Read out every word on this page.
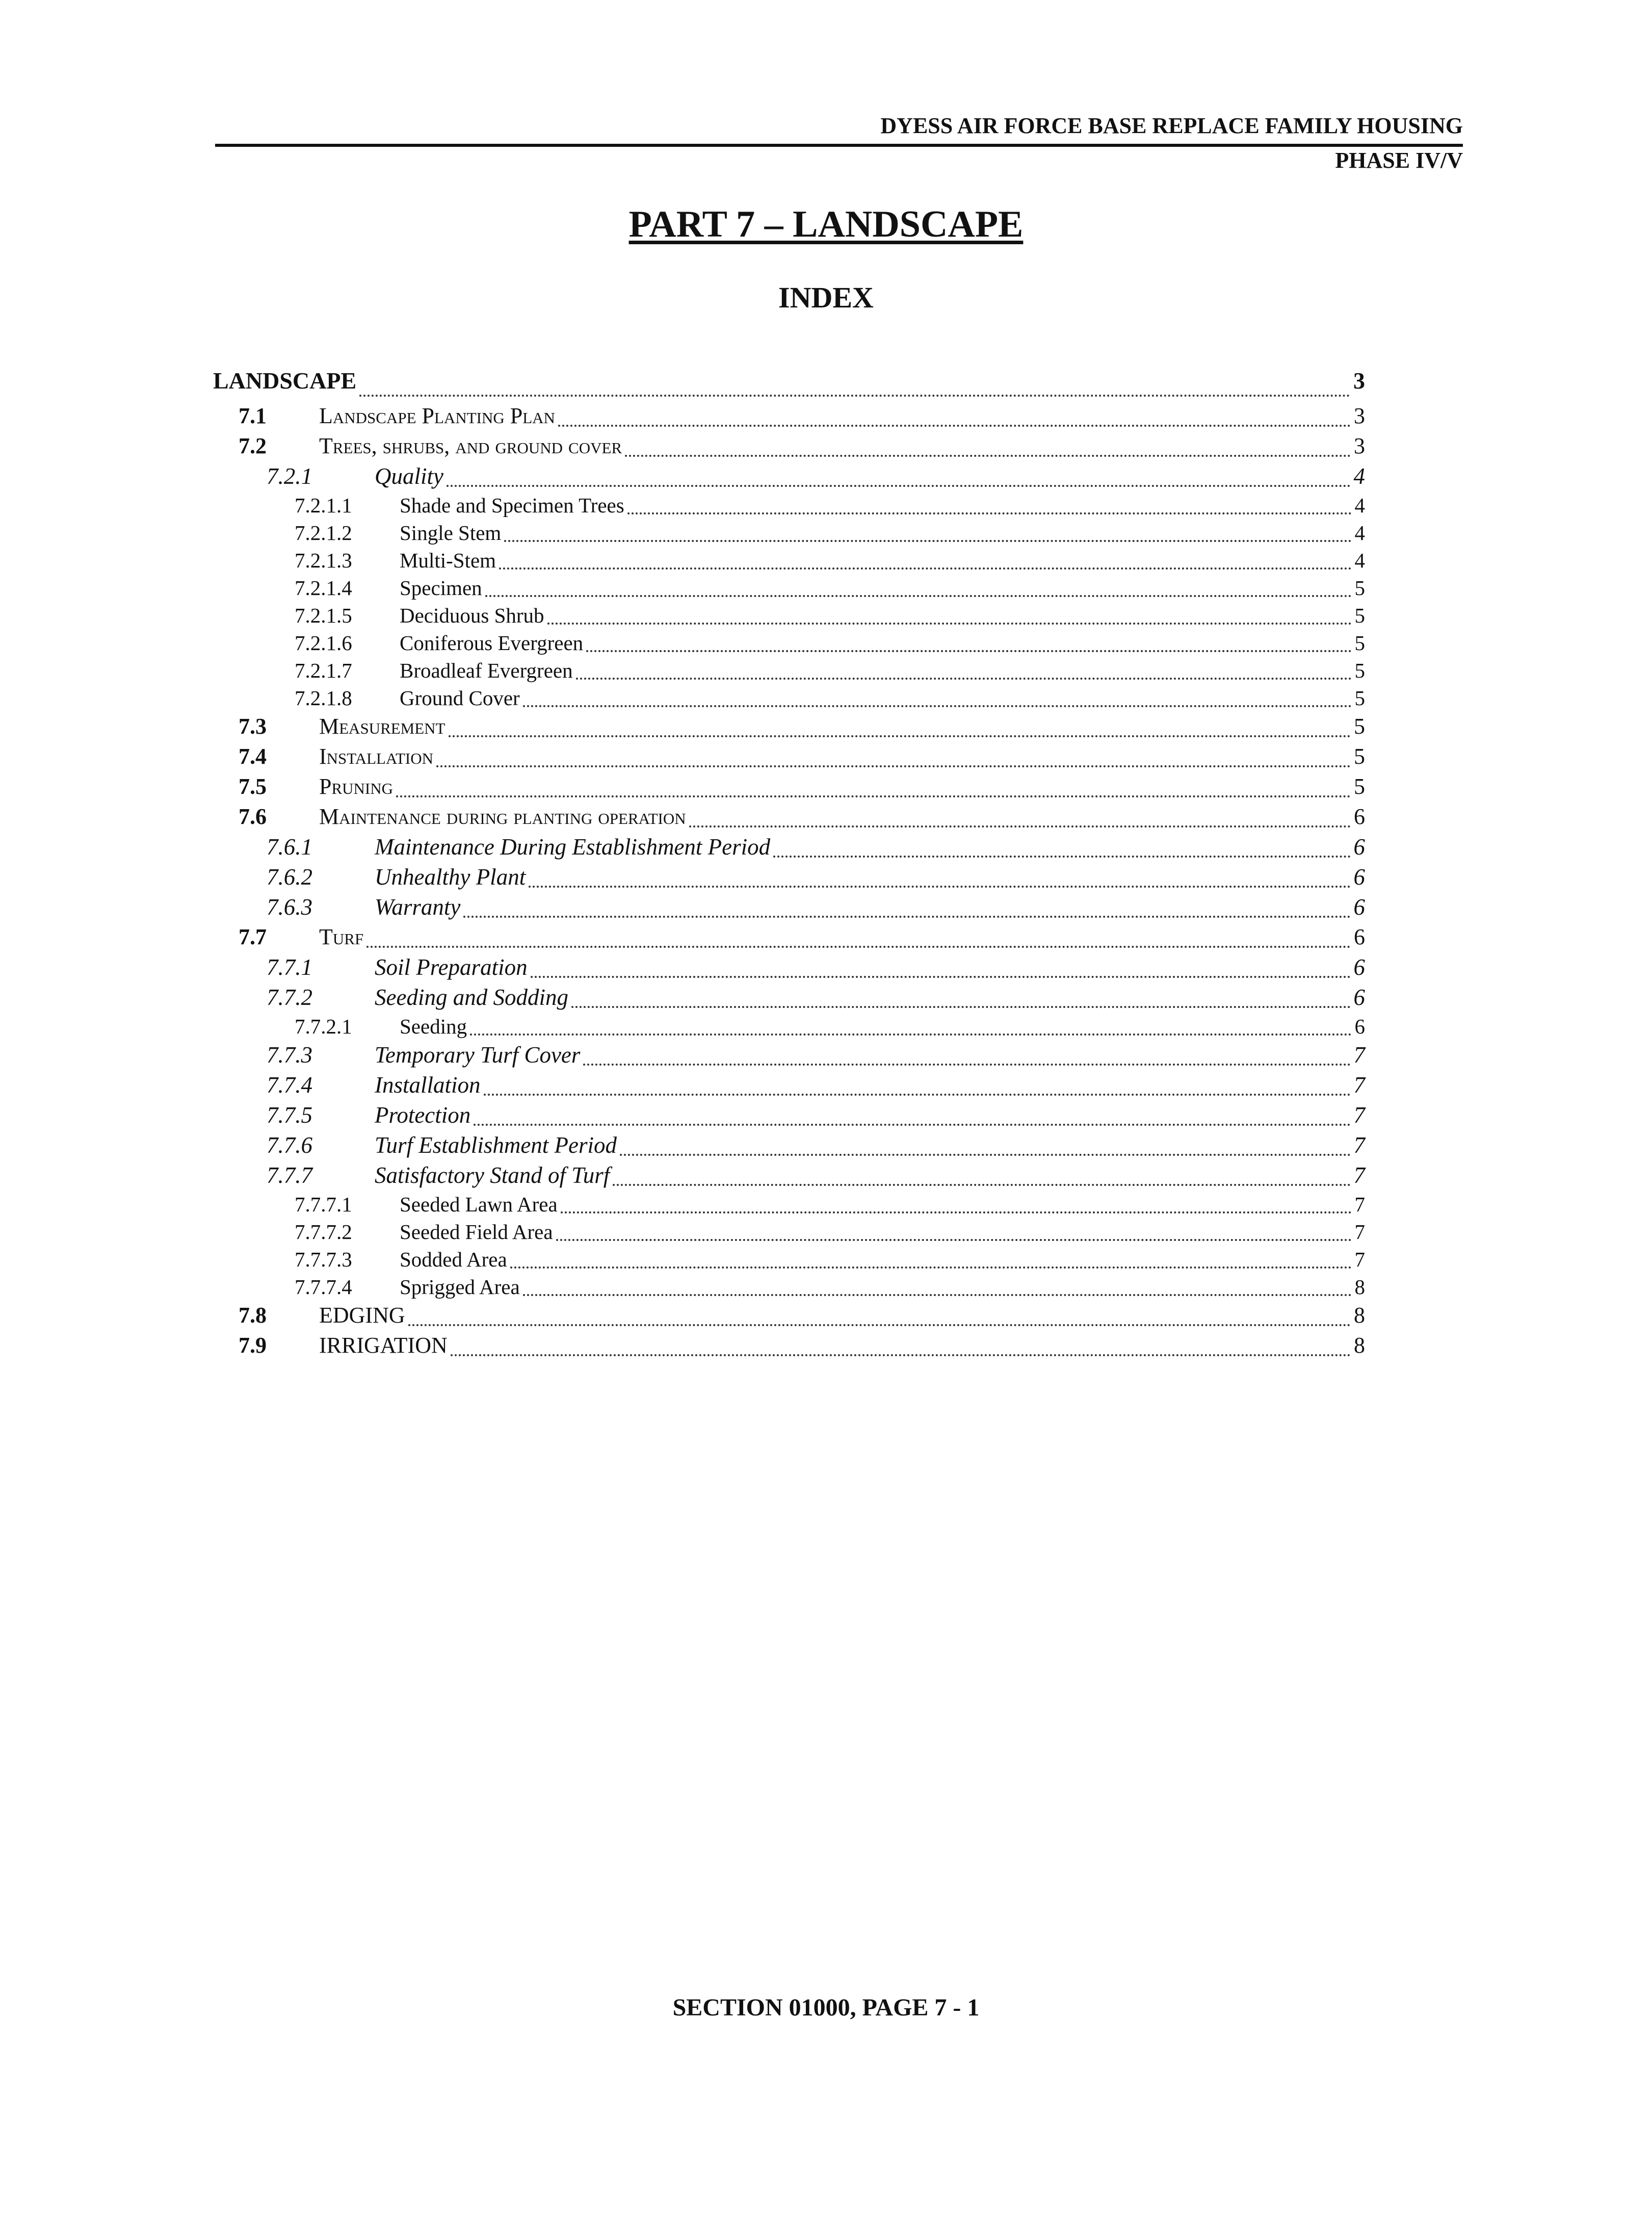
DYESS AIR FORCE BASE REPLACE FAMILY HOUSING
PHASE IV/V
PART 7 – LANDSCAPE
INDEX
LANDSCAPE	3
7.1	Landscape Planting Plan	3
7.2	Trees, shrubs, and ground cover	3
7.2.1	Quality	4
7.2.1.1	Shade and Specimen Trees	4
7.2.1.2	Single Stem	4
7.2.1.3	Multi-Stem	4
7.2.1.4	Specimen	5
7.2.1.5	Deciduous Shrub	5
7.2.1.6	Coniferous Evergreen	5
7.2.1.7	Broadleaf Evergreen	5
7.2.1.8	Ground Cover	5
7.3	Measurement	5
7.4	Installation	5
7.5	Pruning	5
7.6	Maintenance during planting operation	6
7.6.1	Maintenance During Establishment Period	6
7.6.2	Unhealthy Plant	6
7.6.3	Warranty	6
7.7	Turf	6
7.7.1	Soil Preparation	6
7.7.2	Seeding and Sodding	6
7.7.2.1	Seeding	6
7.7.3	Temporary Turf Cover	7
7.7.4	Installation	7
7.7.5	Protection	7
7.7.6	Turf Establishment Period	7
7.7.7	Satisfactory Stand of Turf	7
7.7.7.1	Seeded Lawn Area	7
7.7.7.2	Seeded Field Area	7
7.7.7.3	Sodded Area	7
7.7.7.4	Sprigged Area	8
7.8	EDGING	8
7.9	IRRIGATION	8
SECTION 01000, PAGE 7 - 1
